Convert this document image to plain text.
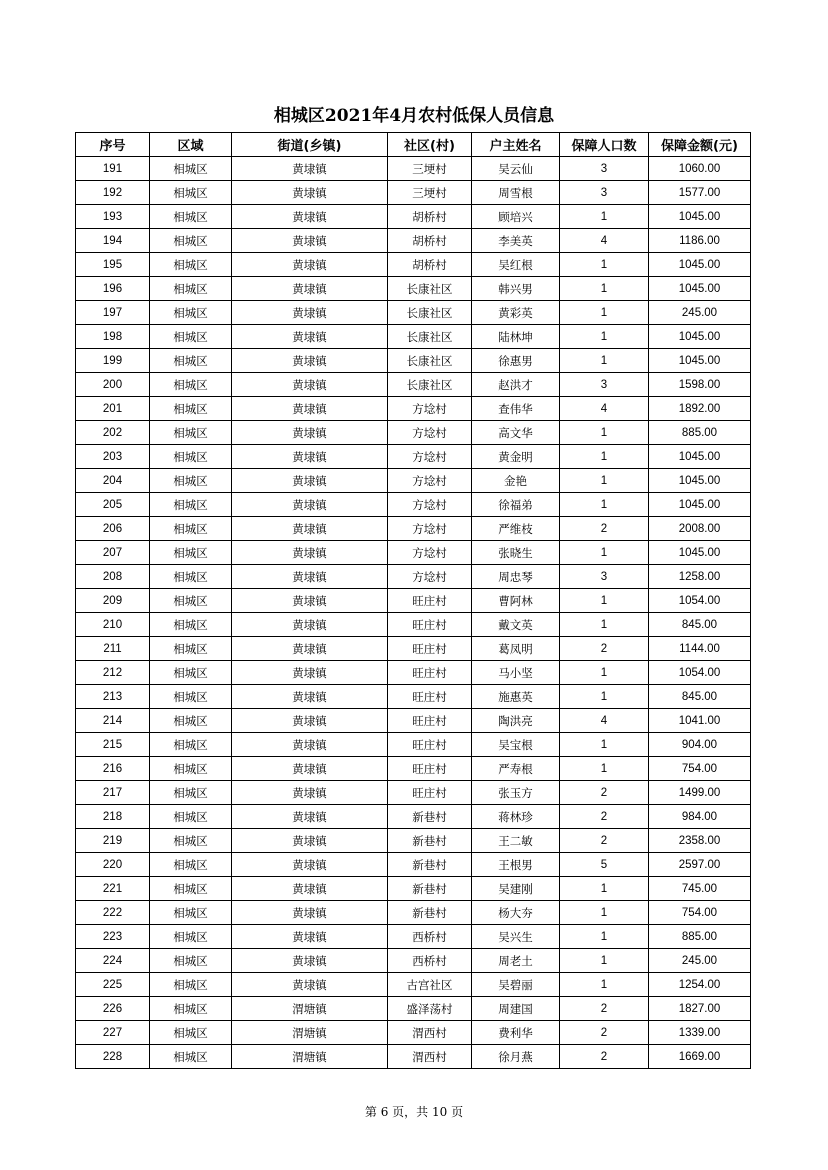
相城区2021年4月农村低保人员信息
序号	区域	街道(乡镇)	社区(村)	户主姓名	保障人口数	保障金额(元)
191	相城区	黄埭镇	三埂村	吴云仙	3	1060.00
192	相城区	黄埭镇	三埂村	周雪根	3	1577.00
193	相城区	黄埭镇	胡桥村	顾培兴	1	1045.00
194	相城区	黄埭镇	胡桥村	李美英	4	1186.00
195	相城区	黄埭镇	胡桥村	吴红根	1	1045.00
196	相城区	黄埭镇	长康社区	韩兴男	1	1045.00
197	相城区	黄埭镇	长康社区	黄彩英	1	245.00
198	相城区	黄埭镇	长康社区	陆林坤	1	1045.00
199	相城区	黄埭镇	长康社区	徐惠男	1	1045.00
200	相城区	黄埭镇	长康社区	赵洪才	3	1598.00
201	相城区	黄埭镇	方埝村	查伟华	4	1892.00
202	相城区	黄埭镇	方埝村	高文华	1	885.00
203	相城区	黄埭镇	方埝村	黄金明	1	1045.00
204	相城区	黄埭镇	方埝村	金艳	1	1045.00
205	相城区	黄埭镇	方埝村	徐福弟	1	1045.00
206	相城区	黄埭镇	方埝村	严维枝	2	2008.00
207	相城区	黄埭镇	方埝村	张晓生	1	1045.00
208	相城区	黄埭镇	方埝村	周忠琴	3	1258.00
209	相城区	黄埭镇	旺庄村	曹阿林	1	1054.00
210	相城区	黄埭镇	旺庄村	戴文英	1	845.00
211	相城区	黄埭镇	旺庄村	葛凤明	2	1144.00
212	相城区	黄埭镇	旺庄村	马小坚	1	1054.00
213	相城区	黄埭镇	旺庄村	施惠英	1	845.00
214	相城区	黄埭镇	旺庄村	陶洪亮	4	1041.00
215	相城区	黄埭镇	旺庄村	吴宝根	1	904.00
216	相城区	黄埭镇	旺庄村	严寿根	1	754.00
217	相城区	黄埭镇	旺庄村	张玉方	2	1499.00
218	相城区	黄埭镇	新巷村	蒋林珍	2	984.00
219	相城区	黄埭镇	新巷村	王二敏	2	2358.00
220	相城区	黄埭镇	新巷村	王根男	5	2597.00
221	相城区	黄埭镇	新巷村	吴建刚	1	745.00
222	相城区	黄埭镇	新巷村	杨大夯	1	754.00
223	相城区	黄埭镇	西桥村	吴兴生	1	885.00
224	相城区	黄埭镇	西桥村	周老土	1	245.00
225	相城区	黄埭镇	古宫社区	吴碧丽	1	1254.00
226	相城区	渭塘镇	盛泽荡村	周建国	2	1827.00
227	相城区	渭塘镇	渭西村	费利华	2	1339.00
228	相城区	渭塘镇	渭西村	徐月燕	2	1669.00
第 6 页，共 10 页
